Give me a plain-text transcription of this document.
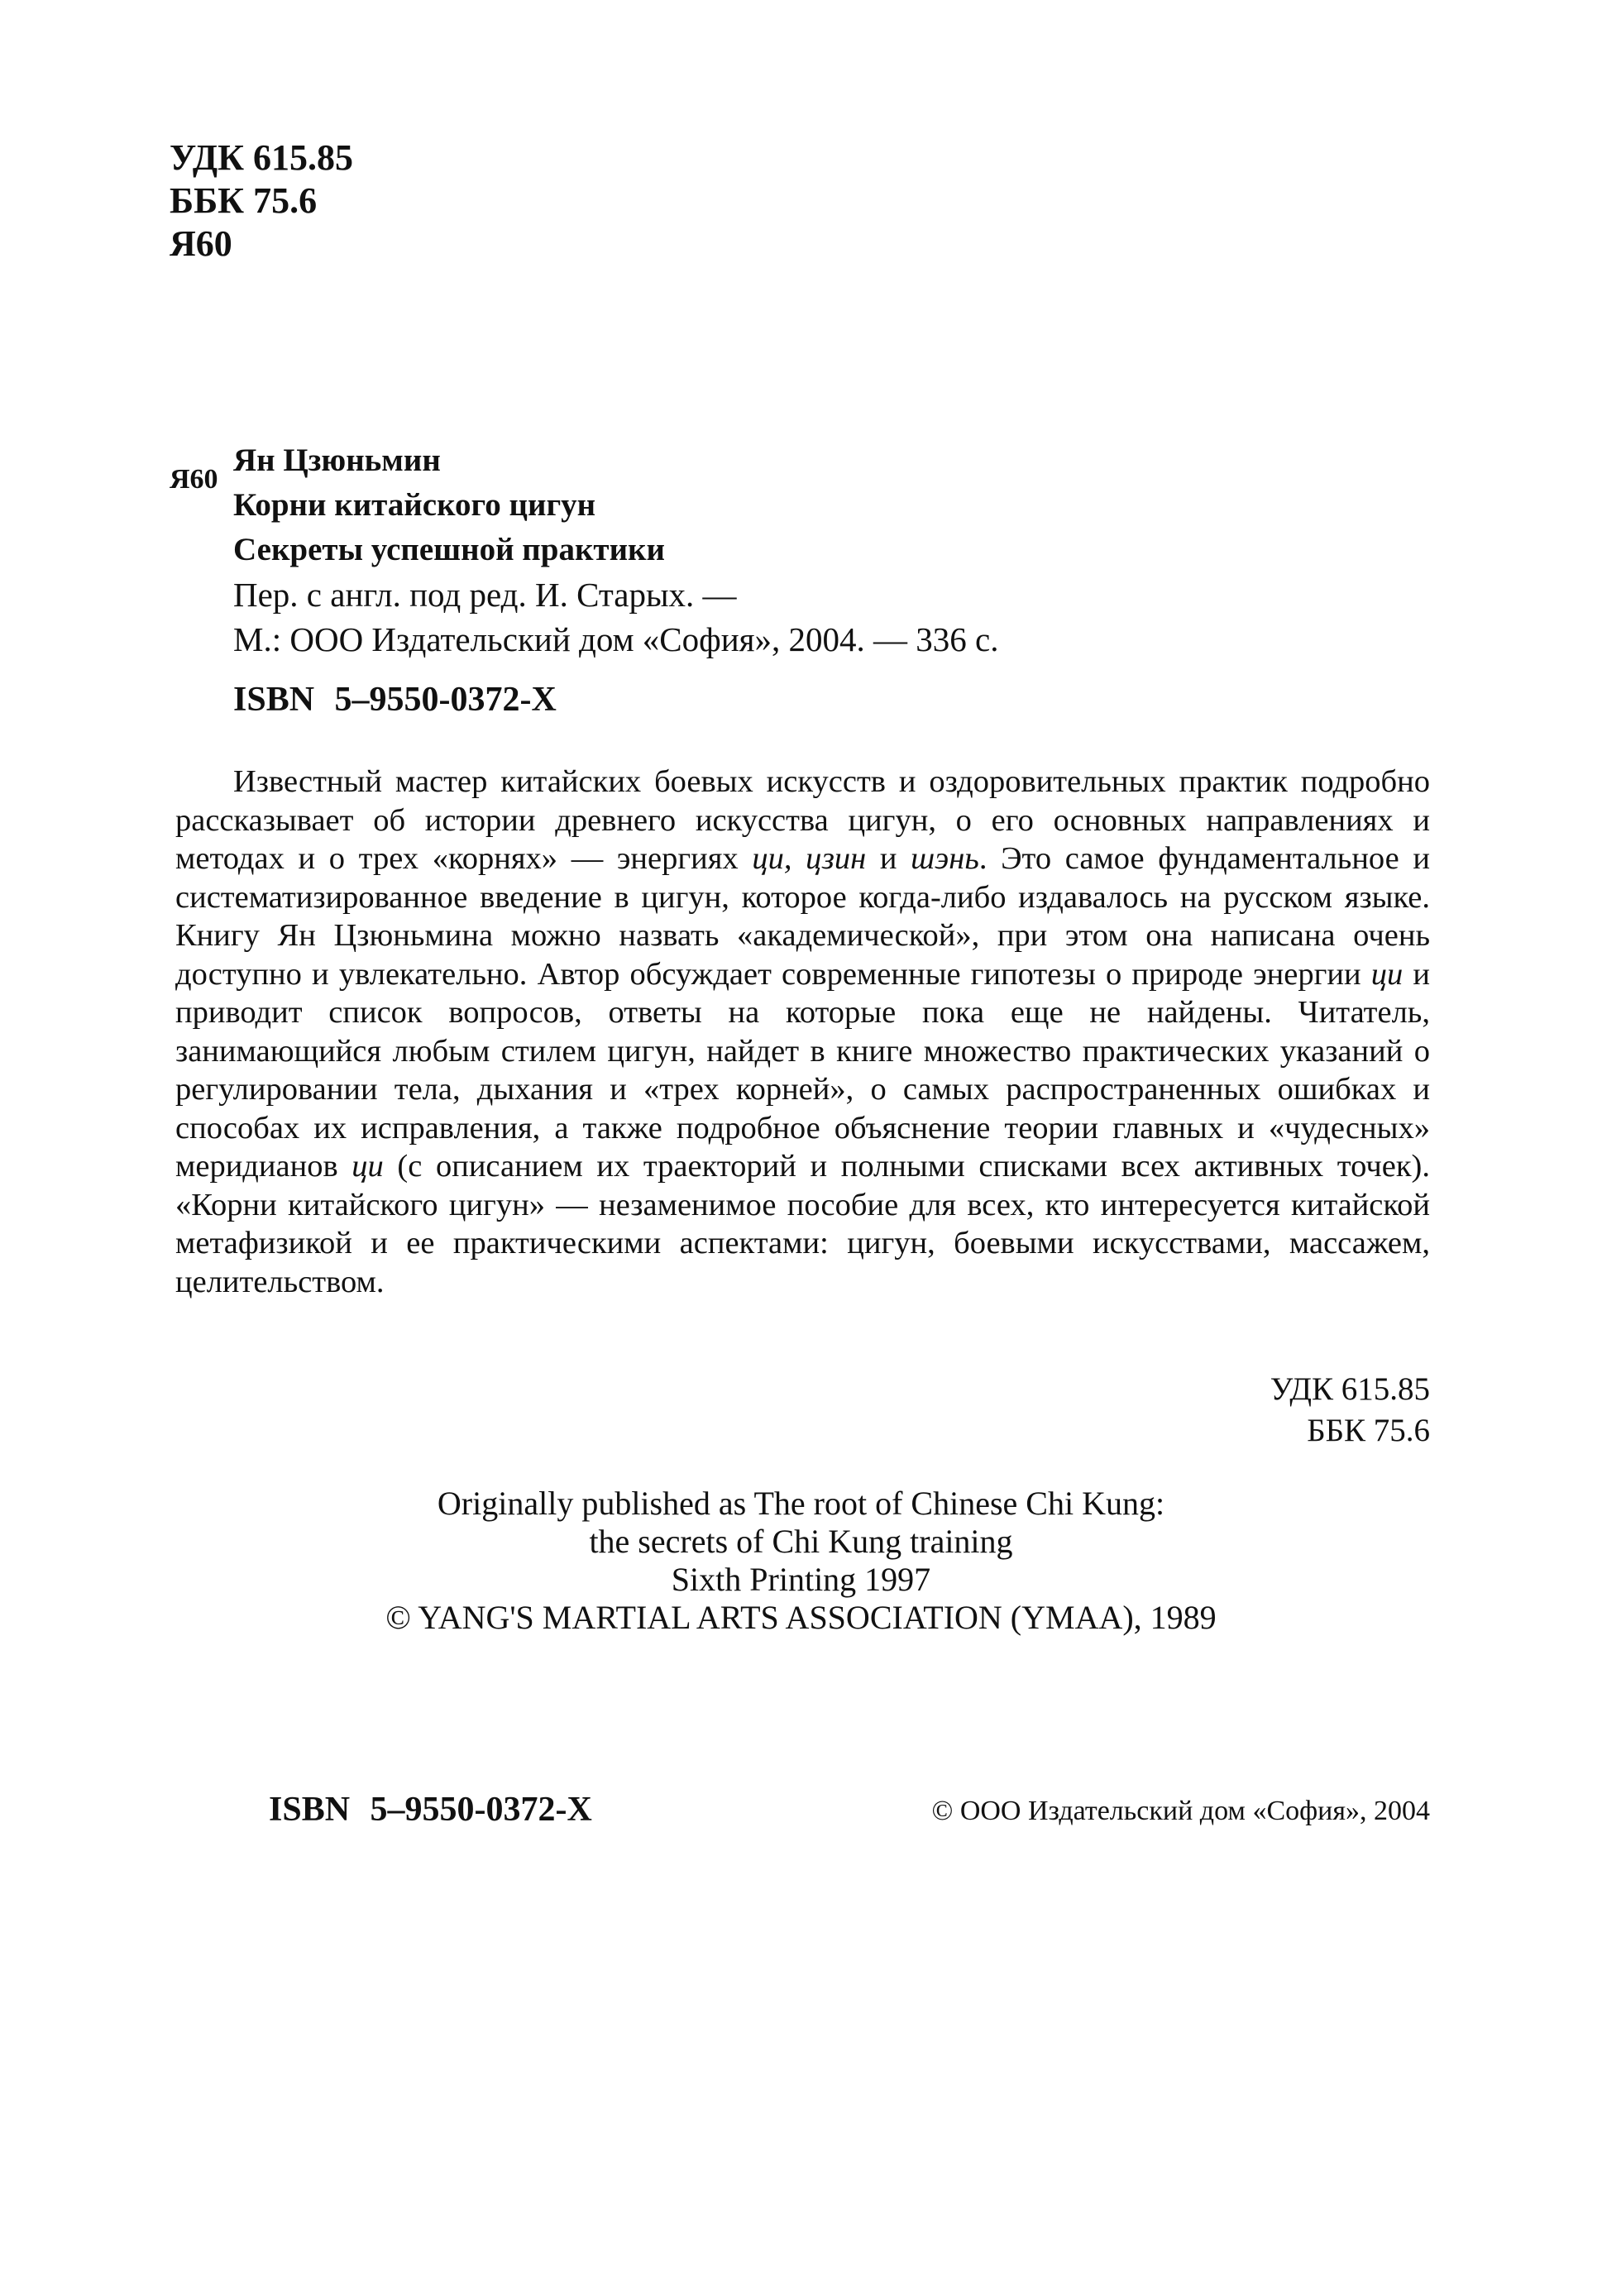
УДК 615.85
ББК 75.6
Я60
Я60
Ян Цзюньмин
Корни китайского цигун
Секреты успешной практики
Пер. с англ. под ред. И. Старых. —
М.: ООО Издательский дом «София», 2004. — 336 с.
ISBN 5–9550-0372-X

Известный мастер китайских боевых искусств и оздоровительных практик подробно рассказывает об истории древнего искусства цигун, о его основных направлениях и методах и о трех «корнях» — энергиях ци, цзин и шэнь. Это самое фундаментальное и систематизированное введение в цигун, которое когда-либо издавалось на русском языке. Книгу Ян Цзюньмина можно назвать «академической», при этом она написана очень доступно и увлекательно. Автор обсуждает современные гипотезы о природе энергии ци и приводит список вопросов, ответы на которые пока еще не найдены. Читатель, занимающийся любым стилем цигун, найдет в книге множество практических указаний о регулировании тела, дыхания и «трех корней», о самых распространенных ошибках и способах их исправления, а также подробное объяснение теории главных и «чудесных» меридианов ци (с описанием их траекторий и полными списками всех активных точек). «Корни китайского цигун» — незаменимое пособие для всех, кто интересуется китайской метафизикой и ее практическими аспектами: цигун, боевыми искусствами, массажем, целительством.

УДК 615.85
ББК 75.6
Originally published as The root of Chinese Chi Kung:
the secrets of Chi Kung training
Sixth Printing 1997
© YANG'S MARTIAL ARTS ASSOCIATION (YMAA), 1989
ISBN 5–9550-0372-X	© ООО Издательский дом «София», 2004
